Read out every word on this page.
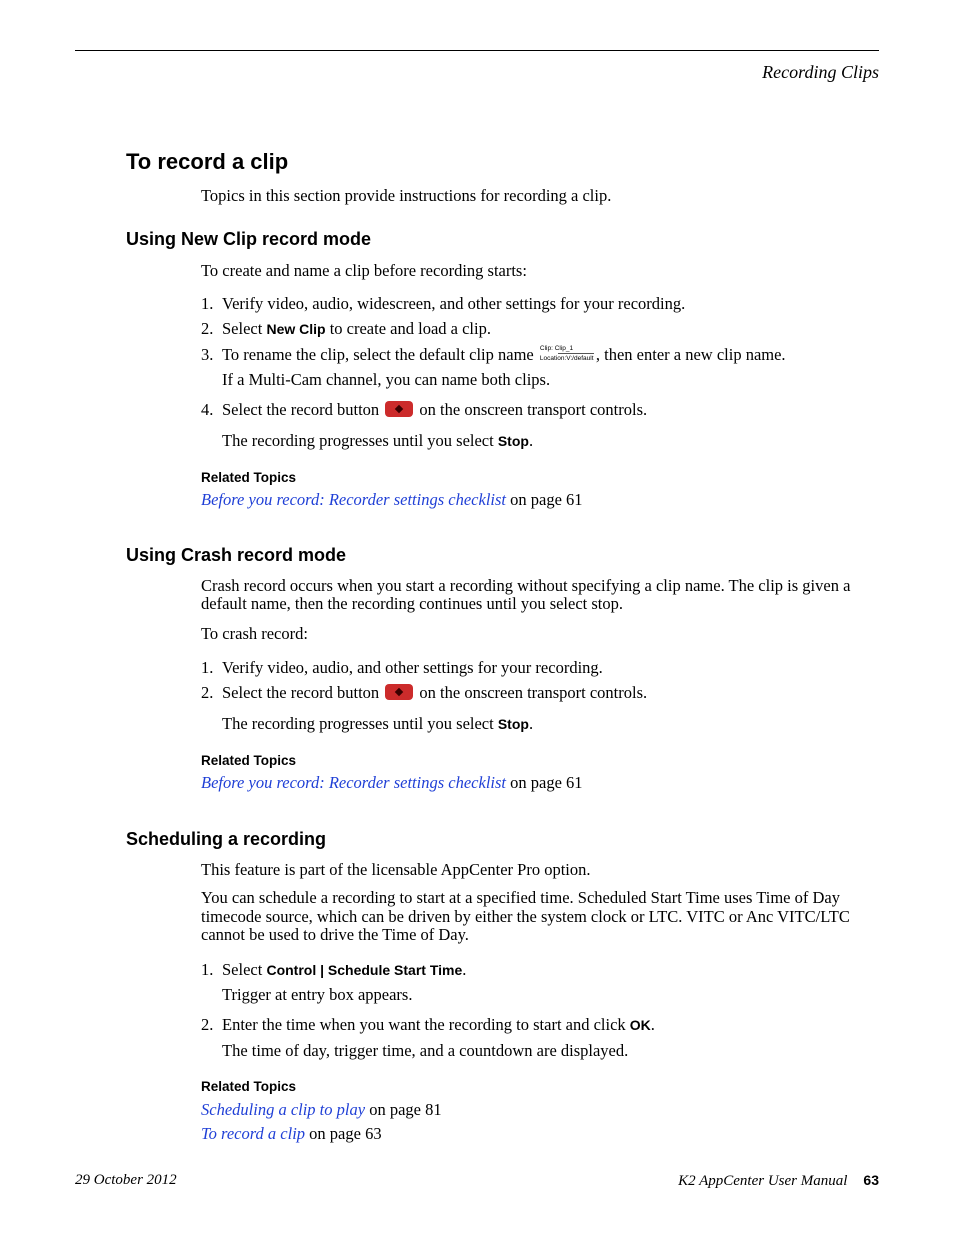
Recording Clips
To record a clip

Topics in this section provide instructions for recording a clip.

Using New Clip record mode

To create and name a clip before recording starts:

1. Verify video, audio, widescreen, and other settings for your recording.
2. Select New Clip to create and load a clip.
3. To rename the clip, select the default clip name Clip: Clip_1
Location:V:/default , then enter a new clip name.
If a Multi-Cam channel, you can name both clips.
4. Select the record button  on the onscreen transport controls.
The recording progresses until you select Stop.
Related Topics
Before you record: Recorder settings checklist on page 61
Using Crash record mode

Crash record occurs when you start a recording without specifying a clip name. The clip is given a default name, then the recording continues until you select stop.

To crash record:

1. Verify video, audio, and other settings for your recording.
2. Select the record button  on the onscreen transport controls.
The recording progresses until you select Stop.
Related Topics
Before you record: Recorder settings checklist on page 61
Scheduling a recording

This feature is part of the licensable AppCenter Pro option.

You can schedule a recording to start at a specified time. Scheduled Start Time uses Time of Day timecode source, which can be driven by either the system clock or LTC. VITC or Anc VITC/LTC cannot be used to drive the Time of Day.

1. Select Control | Schedule Start Time.
Trigger at entry box appears.
2. Enter the time when you want the recording to start and click OK.
The time of day, trigger time, and a countdown are displayed.
Related Topics
Scheduling a clip to play on page 81
To record a clip on page 63
29 October 2012	K2 AppCenter User Manual 63
